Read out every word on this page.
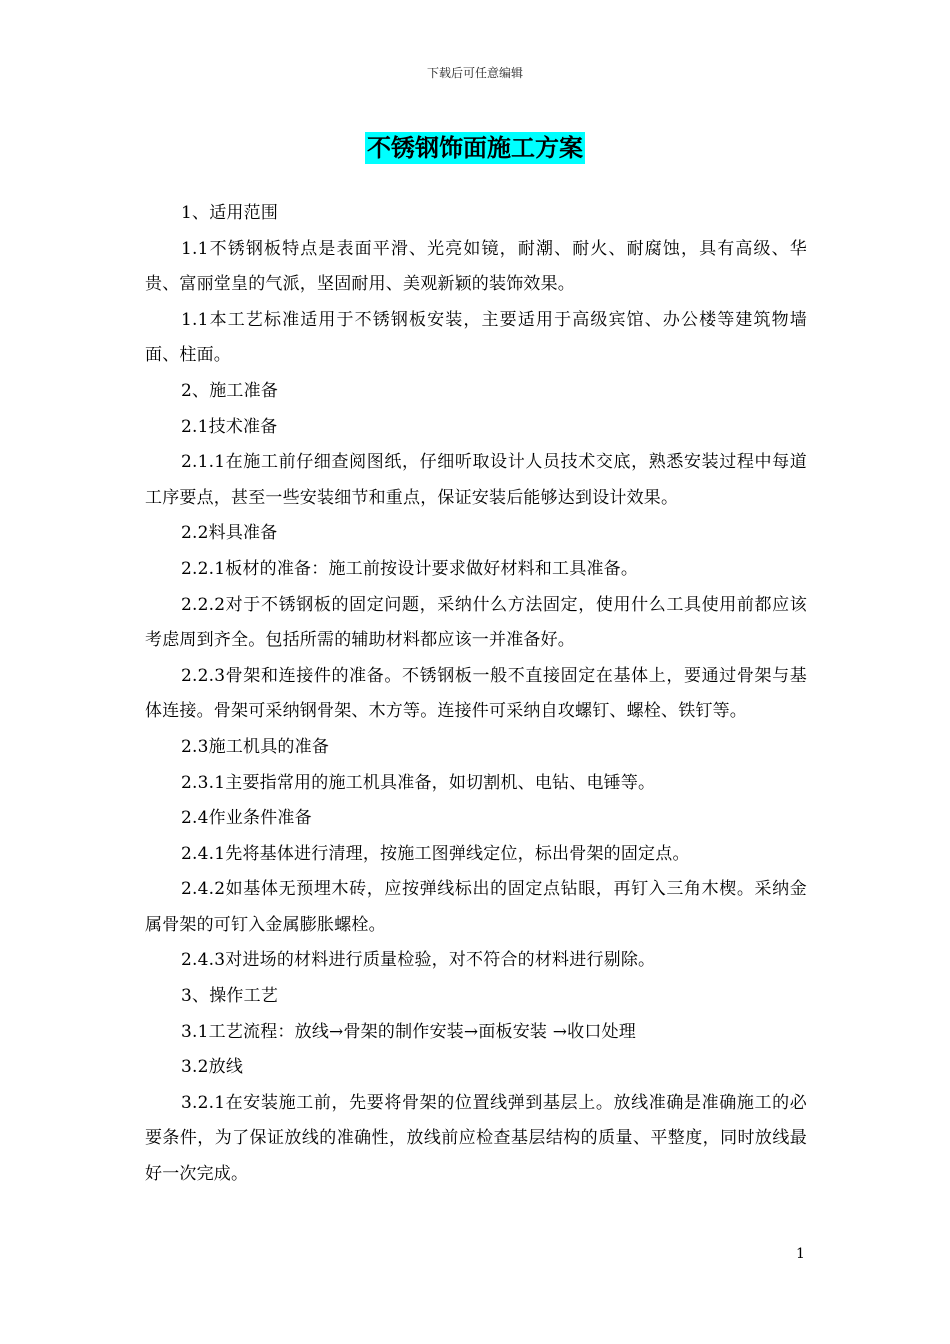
下载后可任意编辑
不锈钢饰面施工方案

1、适用范围

1.1不锈钢板特点是表面平滑、光亮如镜，耐潮、耐火、耐腐蚀，具有高级、华贵、富丽堂皇的气派，坚固耐用、美观新颖的装饰效果。

1.1本工艺标准适用于不锈钢板安装，主要适用于高级宾馆、办公楼等建筑物墙面、柱面。

2、施工准备

2.1技术准备

2.1.1在施工前仔细查阅图纸，仔细听取设计人员技术交底，熟悉安装过程中每道工序要点，甚至一些安装细节和重点，保证安装后能够达到设计效果。

2.2料具准备

2.2.1板材的准备：施工前按设计要求做好材料和工具准备。

2.2.2对于不锈钢板的固定问题，采纳什么方法固定，使用什么工具使用前都应该考虑周到齐全。包括所需的辅助材料都应该一并准备好。

2.2.3骨架和连接件的准备。不锈钢板一般不直接固定在基体上，要通过骨架与基体连接。骨架可采纳钢骨架、木方等。连接件可采纳自攻螺钉、螺栓、铁钉等。

2.3施工机具的准备

2.3.1主要指常用的施工机具准备，如切割机、电钻、电锤等。

2.4作业条件准备

2.4.1先将基体进行清理，按施工图弹线定位，标出骨架的固定点。

2.4.2如基体无预埋木砖，应按弹线标出的固定点钻眼，再钉入三角木楔。采纳金属骨架的可钉入金属膨胀螺栓。

2.4.3对进场的材料进行质量检验，对不符合的材料进行剔除。

3、操作工艺

3.1工艺流程：放线→骨架的制作安装→面板安装 →收口处理

3.2放线

3.2.1在安装施工前，先要将骨架的位置线弹到基层上。放线准确是准确施工的必要条件，为了保证放线的准确性，放线前应检查基层结构的质量、平整度，同时放线最好一次完成。

1
